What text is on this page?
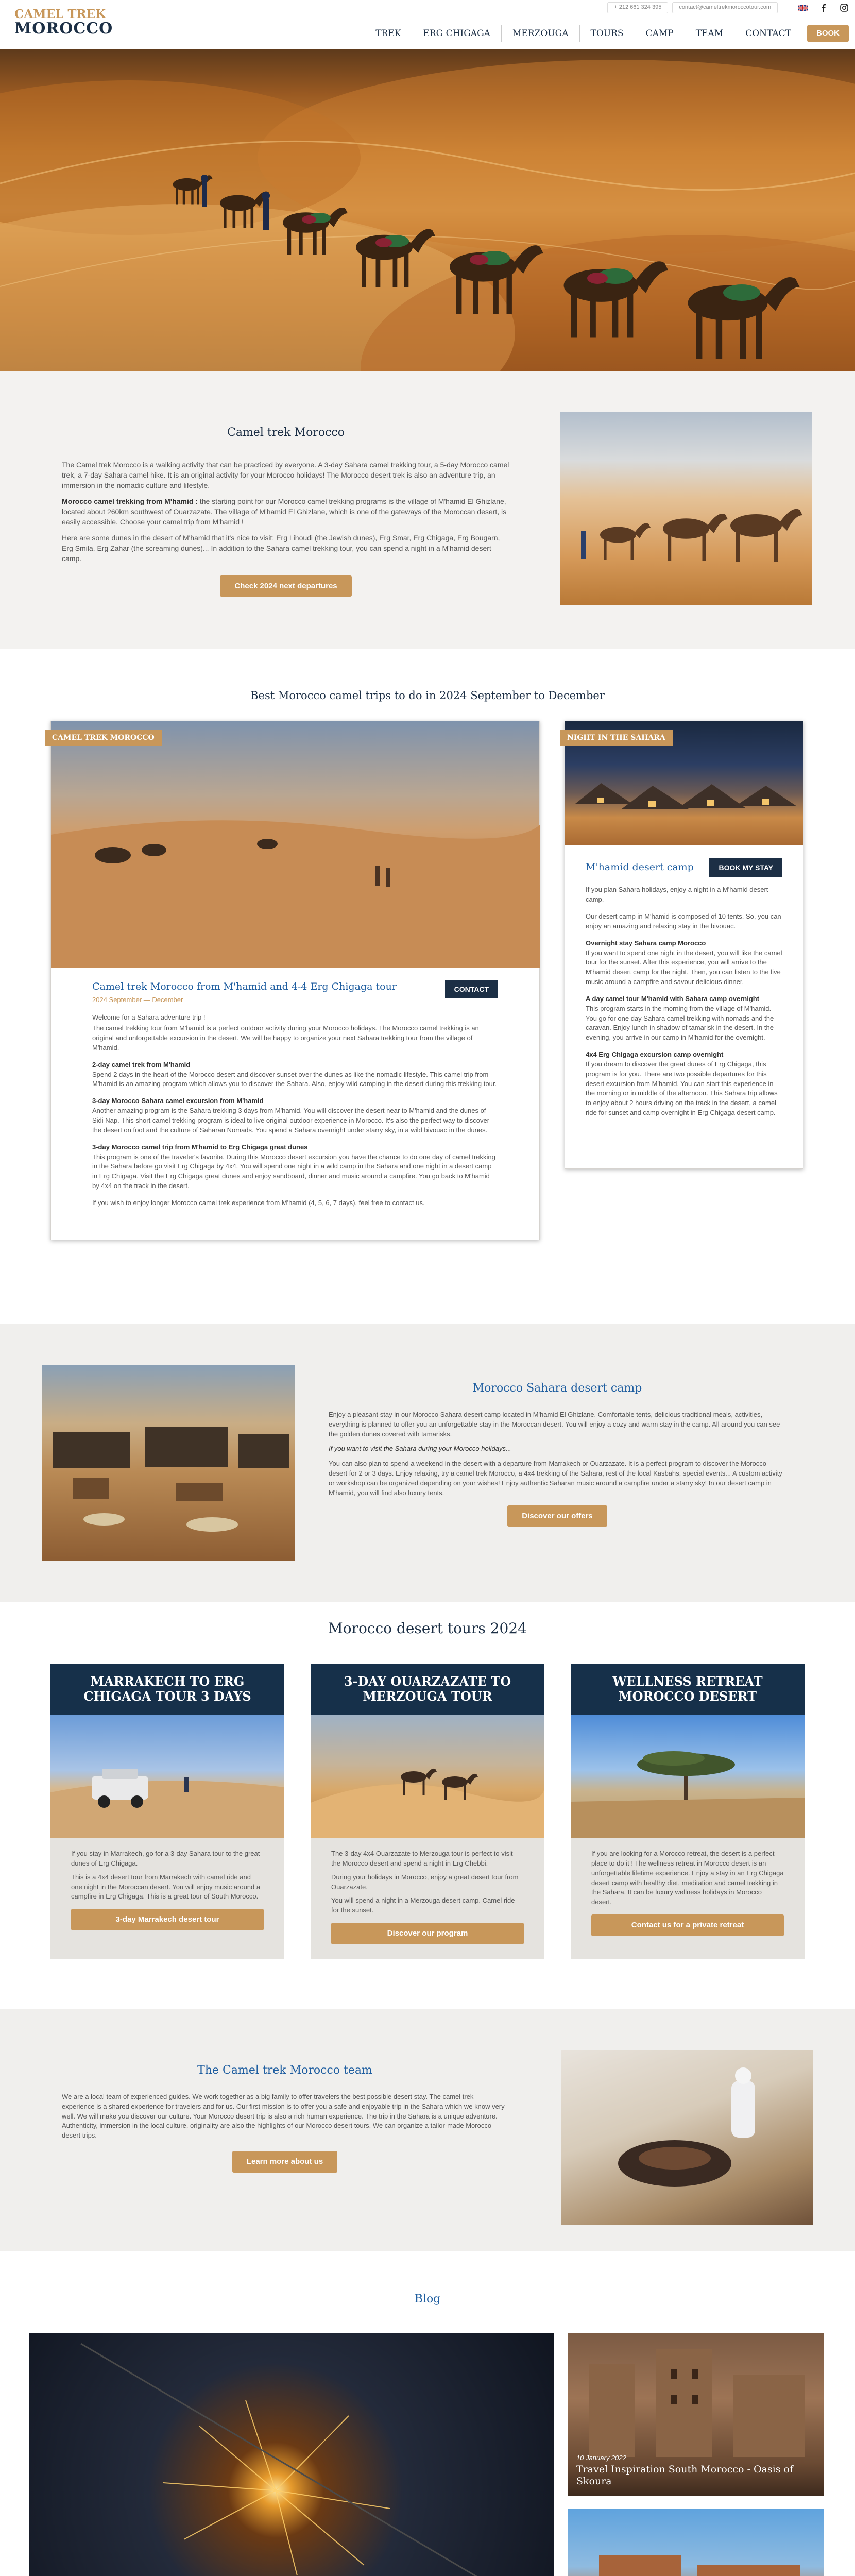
CAMEL TREK
MOROCCO
+ 212 661 324 395	contact@cameltrekmoroccotour.com
TREK	ERG CHIGAGA	MERZOUGA	TOURS	CAMP	TEAM	CONTACT	BOOK
Camel trek Morocco

The Camel trek Morocco is a walking activity that can be practiced by everyone. A 3-day Sahara camel trekking tour, a 5-day Morocco camel trek, a 7-day Sahara camel hike. It is an original activity for your Morocco holidays! The Morocco desert trek is also an adventure trip, an immersion in the nomadic culture and lifestyle.

Morocco camel trekking from M'hamid : the starting point for our Morocco camel trekking programs is the village of M'hamid El Ghizlane, located about 260km southwest of Ouarzazate. The village of M'hamid El Ghizlane, which is one of the gateways of the Moroccan desert, is easily accessible. Choose your camel trip from M'hamid !

Here are some dunes in the desert of M'hamid that it's nice to visit: Erg Lihoudi (the Jewish dunes), Erg Smar, Erg Chigaga, Erg Bougarn, Erg Smila, Erg Zahar (the screaming dunes)... In addition to the Sahara camel trekking tour, you can spend a night in a M'hamid desert camp.

Check 2024 next departures
Best Morocco camel trips to do in 2024 September to December
CAMEL TREK MOROCCO
Camel trek Morocco from M'hamid and 4-4 Erg Chigaga tour
2024 September — December
CONTACT

Welcome for a Sahara adventure trip !

The camel trekking tour from M'hamid is a perfect outdoor activity during your Morocco holidays. The Morocco camel trekking is an original and unforgettable excursion in the desert. We will be happy to organize your next Sahara trekking tour from the village of M'hamid.

2-day camel trek from M'hamid

Spend 2 days in the heart of the Morocco desert and discover sunset over the dunes as like the nomadic lifestyle. This camel trip from M'hamid is an amazing program which allows you to discover the Sahara. Also, enjoy wild camping in the desert during this trekking tour.

3-day Morocco Sahara camel excursion from M'hamid

Another amazing program is the Sahara trekking 3 days from M'hamid. You will discover the desert near to M'hamid and the dunes of Sidi Nap. This short camel trekking program is ideal to live original outdoor experience in Morocco. It's also the perfect way to discover the desert on foot and the culture of Saharan Nomads. You spend a Sahara overnight under starry sky, in a wild bivouac in the dunes.

3-day Morocco camel trip from M'hamid to Erg Chigaga great dunes

This program is one of the traveler's favorite. During this Morocco desert excursion you have the chance to do one day of camel trekking in the Sahara before go visit Erg Chigaga by 4x4. You will spend one night in a wild camp in the Sahara and one night in a desert camp in Erg Chigaga. Visit the Erg Chigaga great dunes and enjoy sandboard, dinner and music around a campfire. You go back to M'hamid by 4x4 on the track in the desert.

If you wish to enjoy longer Morocco camel trek experience from M'hamid (4, 5, 6, 7 days), feel free to contact us.

NIGHT IN THE SAHARA
M'hamid desert camp	BOOK MY STAY

If you plan Sahara holidays, enjoy a night in a M'hamid desert camp.

Our desert camp in M'hamid is composed of 10 tents. So, you can enjoy an amazing and relaxing stay in the bivouac.

Overnight stay Sahara camp Morocco

If you want to spend one night in the desert, you will like the camel tour for the sunset. After this experience, you will arrive to the M'hamid desert camp for the night. Then, you can listen to the live music around a campfire and savour delicious dinner.

A day camel tour M'hamid with Sahara camp overnight

This program starts in the morning from the village of M'hamid. You go for one day Sahara camel trekking with nomads and the caravan. Enjoy lunch in shadow of tamarisk in the desert. In the evening, you arrive in our camp in M'hamid for the overnight.

4x4 Erg Chigaga excursion camp overnight

If you dream to discover the great dunes of Erg Chigaga, this program is for you. There are two possible departures for this desert excursion from M'hamid. You can start this experience in the morning or in middle of the afternoon. This Sahara trip allows to enjoy about 2 hours driving on the track in the desert, a camel ride for sunset and camp overnight in Erg Chigaga desert camp.

Morocco Sahara desert camp

Enjoy a pleasant stay in our Morocco Sahara desert camp located in M'hamid El Ghizlane. Comfortable tents, delicious traditional meals, activities, everything is planned to offer you an unforgettable stay in the Moroccan desert. You will enjoy a cozy and warm stay in the camp. All around you can see the golden dunes covered with tamarisks.

If you want to visit the Sahara during your Morocco holidays...

You can also plan to spend a weekend in the desert with a departure from Marrakech or Ouarzazate. It is a perfect program to discover the Morocco desert for 2 or 3 days. Enjoy relaxing, try a camel trek Morocco, a 4x4 trekking of the Sahara, rest of the local Kasbahs, special events... A custom activity or workshop can be organized depending on your wishes! Enjoy authentic Saharan music around a campfire under a starry sky! In our desert camp in M'hamid, you will find also luxury tents.

Discover our offers
Morocco desert tours 2024
MARRAKECH TO ERG CHIGAGA TOUR 3 DAYS

If you stay in Marrakech, go for a 3-day Sahara tour to the great dunes of Erg Chigaga.

This is a 4x4 desert tour from Marrakech with camel ride and one night in the Moroccan desert. You will enjoy music around a campfire in Erg Chigaga. This is a great tour of South Morocco.

3-day Marrakech desert tour
3-DAY OUARZAZATE TO MERZOUGA TOUR

The 3-day 4x4 Ouarzazate to Merzouga tour is perfect to visit the Morocco desert and spend a night in Erg Chebbi.

During your holidays in Morocco, enjoy a great desert tour from Ouarzazate.

You will spend a night in a Merzouga desert camp. Camel ride for the sunset.

Discover our program
WELLNESS RETREAT MOROCCO DESERT

If you are looking for a Morocco retreat, the desert is a perfect place to do it ! The wellness retreat in Morocco desert is an unforgettable lifetime experience. Enjoy a stay in an Erg Chigaga desert camp with healthy diet, meditation and camel trekking in the Sahara. It can be luxury wellness holidays in Morocco desert.

Contact us for a private retreat
The Camel trek Morocco team

We are a local team of experienced guides. We work together as a big family to offer travelers the best possible desert stay. The camel trek experience is a shared experience for travelers and for us. Our first mission is to offer you a safe and enjoyable trip in the Sahara which we know very well. We will make you discover our culture. Your Morocco desert trip is also a rich human experience. The trip in the Sahara is a unique adventure. Authenticity, immersion in the local culture, originality are also the highlights of our Morocco desert tours. We can organize a tailor-made Morocco desert trips.

Learn more about us
Blog
10 January 2022
Travel Inspiration South Morocco - Oasis of Skoura
